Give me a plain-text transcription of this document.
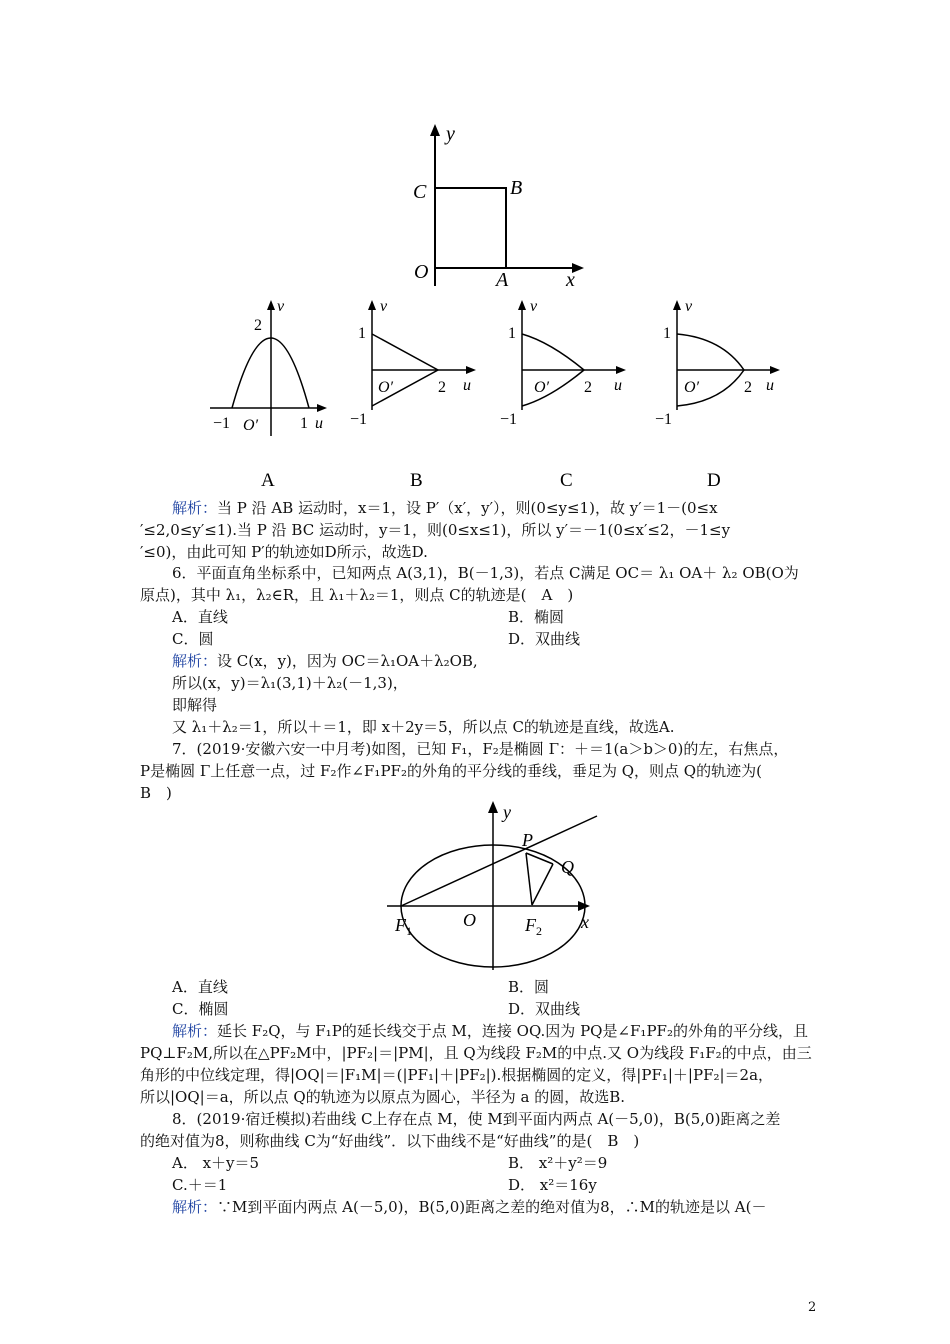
y
C	B
O	A	x
v
2
−1 O′	1 u
A
v
1
O′	2 u
−1
B
v
1
O′ 2 u
−1
C
v
1
O′	2 u
−1
D
解析：当 P 沿 AB 运动时，x＝1，设 P′（x′，y′），则(0≤y≤1)，故 y′＝1－(0≤x
′≤2,0≤y′≤1).当 P 沿 BC 运动时，y＝1，则(0≤x≤1)，所以 y′＝－1(0≤x′≤2，－1≤y
′≤0)，由此可知 P′的轨迹如D所示，故选D.
6．平面直角坐标系中，已知两点 A(3,1)，B(－1,3)，若点 C满足 OC＝ λ₁ OA＋ λ₂ OB(O为
原点)，其中 λ₁，λ₂∈R，且 λ₁＋λ₂＝1，则点 C的轨迹是(　A　)
A．直线	B．椭圆
C．圆	D．双曲线
解析：设 C(x，y)，因为 OC＝λ₁OA＋λ₂OB,
所以(x，y)＝λ₁(3,1)＋λ₂(－1,3)，
即解得
又 λ₁＋λ₂＝1，所以＋＝1，即 x＋2y＝5，所以点 C的轨迹是直线，故选A.
7．(2019·安徽六安一中月考)如图，已知 F₁，F₂是椭圆 Γ：＋＝1(a＞b＞0)的左，右焦点，
P是椭圆 Γ上任意一点，过 F₂作∠F₁PF₂的外角的平分线的垂线，垂足为 Q，则点 Q的轨迹为(
B　)
y
P
Q
$F_1$
O	$F_2$ x
A．直线	B．圆
C．椭圆	D．双曲线
解析：延长 F₂Q，与 F₁P的延长线交于点 M，连接 OQ.因为 PQ是∠F₁PF₂的外角的平分线，且
PQ⊥F₂M,所以在△PF₂M中，|PF₂|＝|PM|，且 Q为线段 F₂M的中点.又 O为线段 F₁F₂的中点，由三
角形的中位线定理，得|OQ|＝|F₁M|＝(|PF₁|＋|PF₂|).根据椭圆的定义，得|PF₁|＋|PF₂|＝2a，
所以|OQ|＝a，所以点 Q的轨迹为以原点为圆心，半径为 a 的圆，故选B.
8．(2019·宿迁模拟)若曲线 C上存在点 M，使 M到平面内两点 A(－5,0)，B(5,0)距离之差
的绝对值为8，则称曲线 C为“好曲线”．以下曲线不是“好曲线”的是(　B　)
A． x＋y＝5	B． x²＋y²＝9
C.＋＝1	D． x²＝16y
解析：∵M到平面内两点 A(－5,0)，B(5,0)距离之差的绝对值为8，∴M的轨迹是以 A(－
2
